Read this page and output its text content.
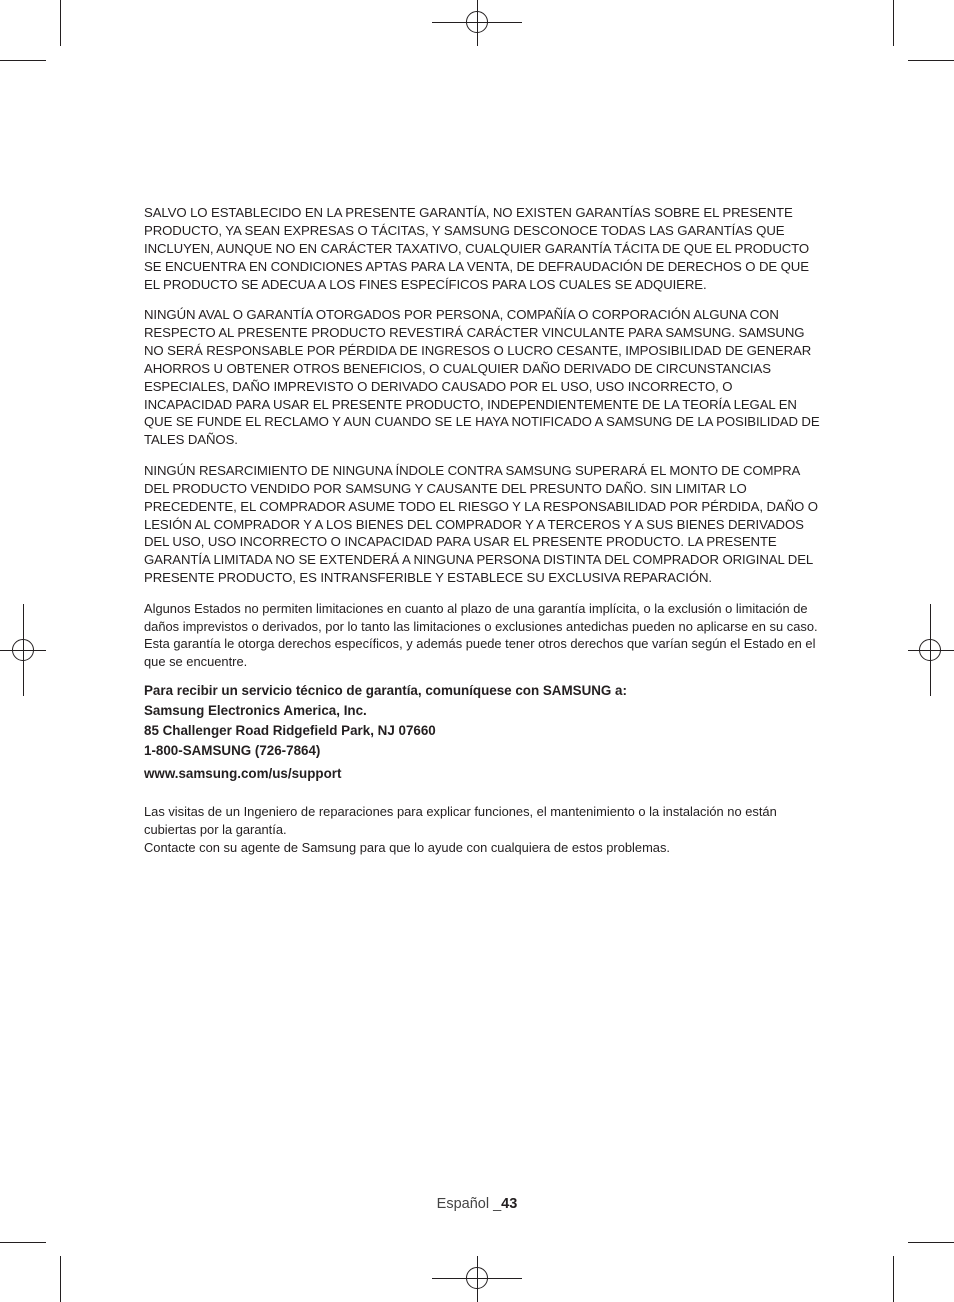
SALVO LO ESTABLECIDO EN LA PRESENTE GARANTÍA, NO EXISTEN GARANTÍAS SOBRE EL PRESENTE PRODUCTO, YA SEAN EXPRESAS O TÁCITAS, Y SAMSUNG DESCONOCE TODAS LAS GARANTÍAS QUE INCLUYEN, AUNQUE NO EN CARÁCTER TAXATIVO, CUALQUIER GARANTÍA TÁCITA DE QUE EL PRODUCTO SE ENCUENTRA EN CONDICIONES APTAS PARA LA VENTA, DE DEFRAUDACIÓN DE DERECHOS O DE QUE EL PRODUCTO SE ADECUA A LOS FINES ESPECÍFICOS PARA LOS CUALES SE ADQUIERE.

NINGÚN AVAL O GARANTÍA OTORGADOS POR PERSONA, COMPAÑÍA O CORPORACIÓN ALGUNA CON RESPECTO AL PRESENTE PRODUCTO REVESTIRÁ CARÁCTER VINCULANTE PARA SAMSUNG. SAMSUNG NO SERÁ RESPONSABLE POR PÉRDIDA DE INGRESOS O LUCRO CESANTE, IMPOSIBILIDAD DE GENERAR AHORROS U OBTENER OTROS BENEFICIOS, O CUALQUIER DAÑO DERIVADO DE CIRCUNSTANCIAS ESPECIALES, DAÑO IMPREVISTO O DERIVADO CAUSADO POR EL USO, USO INCORRECTO, O INCAPACIDAD PARA USAR EL PRESENTE PRODUCTO, INDEPENDIENTEMENTE DE LA TEORÍA LEGAL EN QUE SE FUNDE EL RECLAMO Y AUN CUANDO SE LE HAYA NOTIFICADO A SAMSUNG DE LA POSIBILIDAD DE TALES DAÑOS.

NINGÚN RESARCIMIENTO DE NINGUNA ÍNDOLE CONTRA SAMSUNG SUPERARÁ EL MONTO DE COMPRA DEL PRODUCTO VENDIDO POR SAMSUNG Y CAUSANTE DEL PRESUNTO DAÑO. SIN LIMITAR LO PRECEDENTE, EL COMPRADOR ASUME TODO EL RIESGO Y LA RESPONSABILIDAD POR PÉRDIDA, DAÑO O LESIÓN AL COMPRADOR Y A LOS BIENES DEL COMPRADOR Y A TERCEROS Y A SUS BIENES DERIVADOS DEL USO, USO INCORRECTO O INCAPACIDAD PARA USAR EL PRESENTE PRODUCTO. LA PRESENTE GARANTÍA LIMITADA NO SE EXTENDERÁ A NINGUNA PERSONA DISTINTA DEL COMPRADOR ORIGINAL DEL PRESENTE PRODUCTO, ES INTRANSFERIBLE Y ESTABLECE SU EXCLUSIVA REPARACIÓN.

Algunos Estados no permiten limitaciones en cuanto al plazo de una garantía implícita, o la exclusión o limitación de daños imprevistos o derivados, por lo tanto las limitaciones o exclusiones antedichas pueden no aplicarse en su caso. Esta garantía le otorga derechos específicos, y además puede tener otros derechos que varían según el Estado en el que se encuentre.

Para recibir un servicio técnico de garantía, comuníquese con SAMSUNG a:

Samsung Electronics America, Inc.

85 Challenger Road Ridgefield Park, NJ 07660

1-800-SAMSUNG (726-7864)

www.samsung.com/us/support

Las visitas de un Ingeniero de reparaciones para explicar funciones, el mantenimiento o la instalación no están cubiertas por la garantía.
Contacte con su agente de Samsung para que lo ayude con cualquiera de estos problemas.

Español _43
